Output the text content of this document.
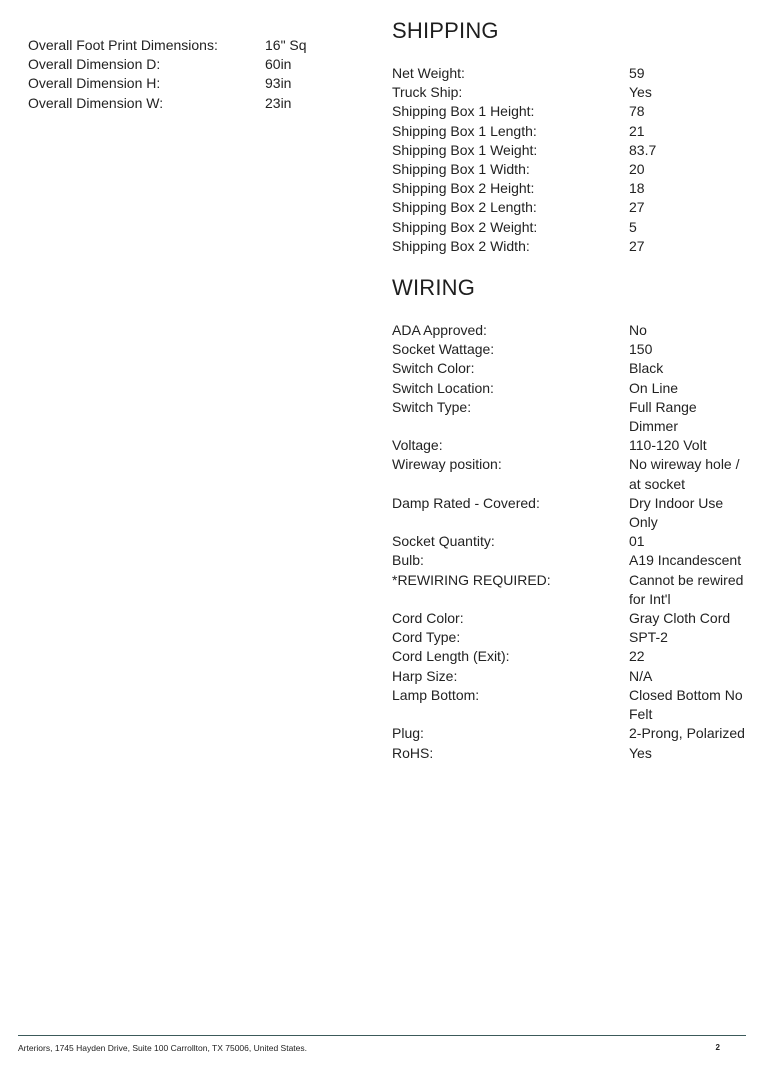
Overall Foot Print Dimensions:	16" Sq
Overall Dimension D:	60in
Overall Dimension H:	93in
Overall Dimension W:	23in
SHIPPING
Net Weight:	59
Truck Ship:	Yes
Shipping Box 1 Height:	78
Shipping Box 1 Length:	21
Shipping Box 1 Weight:	83.7
Shipping Box 1 Width:	20
Shipping Box 2 Height:	18
Shipping Box 2 Length:	27
Shipping Box 2 Weight:	5
Shipping Box 2 Width:	27
WIRING
ADA Approved:	No
Socket Wattage:	150
Switch Color:	Black
Switch Location:	On Line
Switch Type:	Full Range Dimmer
Voltage:	110-120 Volt
Wireway position:	No wireway hole / at socket
Damp Rated - Covered:	Dry Indoor Use Only
Socket Quantity:	01
Bulb:	A19 Incandescent
*REWIRING REQUIRED:	Cannot be rewired for Int'l
Cord Color:	Gray Cloth Cord
Cord Type:	SPT-2
Cord Length (Exit):	22
Harp Size:	N/A
Lamp Bottom:	Closed Bottom No Felt
Plug:	2-Prong, Polarized
RoHS:	Yes
Arteriors, 1745 Hayden Drive, Suite 100 Carrollton, TX 75006, United States.	2
